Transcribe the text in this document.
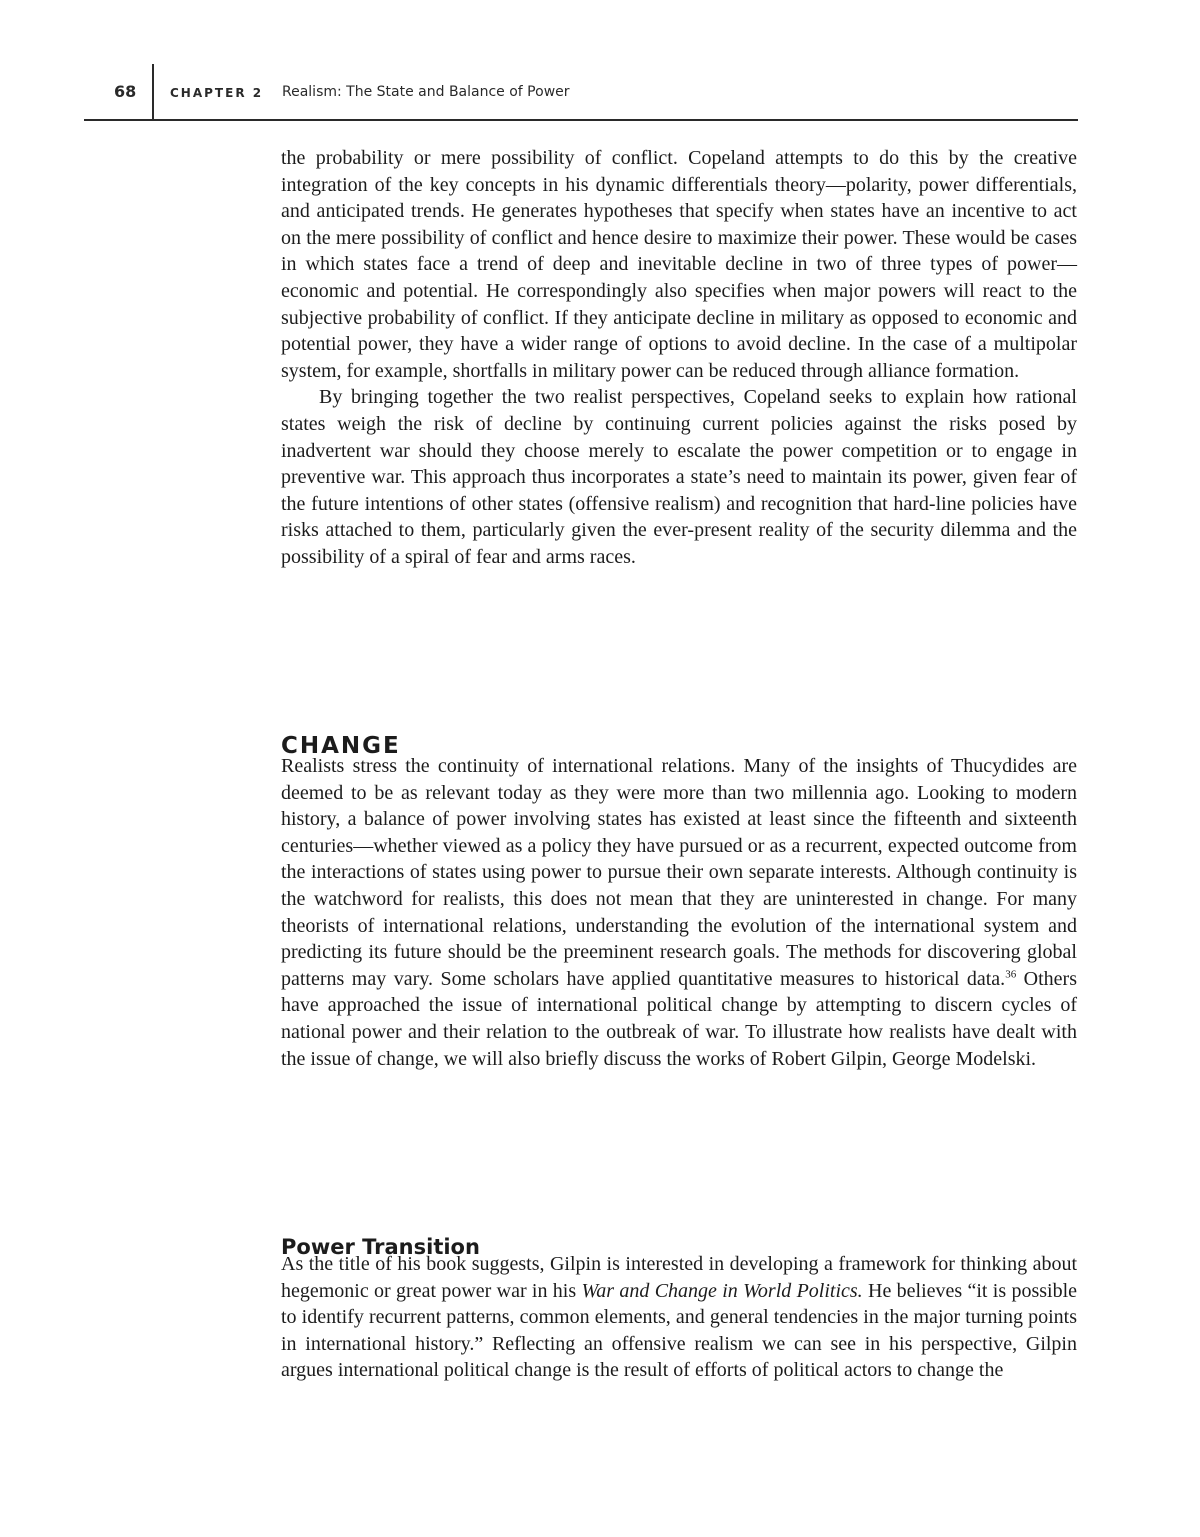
68	CHAPTER 2 Realism: The State and Balance of Power

the probability or mere possibility of conflict. Copeland attempts to do this by the creative integration of the key concepts in his dynamic differentials theory—polarity, power differentials, and anticipated trends. He generates hypotheses that specify when states have an incentive to act on the mere possibility of conflict and hence desire to maximize their power. These would be cases in which states face a trend of deep and inevitable decline in two of three types of power—economic and potential. He correspondingly also specifies when major powers will react to the subjective probability of conflict. If they anticipate decline in military as opposed to economic and potential power, they have a wider range of options to avoid decline. In the case of a multipolar system, for example, shortfalls in military power can be reduced through alliance formation.

By bringing together the two realist perspectives, Copeland seeks to explain how rational states weigh the risk of decline by continuing current policies against the risks posed by inadvertent war should they choose merely to escalate the power competition or to engage in preventive war. This approach thus incorporates a state’s need to maintain its power, given fear of the future intentions of other states (offensive realism) and recognition that hard-line policies have risks attached to them, particularly given the ever-present reality of the security dilemma and the possibility of a spiral of fear and arms races.

CHANGE

Realists stress the continuity of international relations. Many of the insights of Thucydides are deemed to be as relevant today as they were more than two millennia ago. Looking to modern history, a balance of power involving states has existed at least since the fifteenth and sixteenth centuries—whether viewed as a policy they have pursued or as a recurrent, expected outcome from the interactions of states using power to pursue their own separate interests. Although continuity is the watchword for realists, this does not mean that they are uninterested in change. For many theorists of international relations, understanding the evolution of the international system and predicting its future should be the preeminent research goals. The methods for discovering global patterns may vary. Some scholars have applied quantitative measures to historical data.$^{36}$ Others have approached the issue of international political change by attempting to discern cycles of national power and their relation to the outbreak of war. To illustrate how realists have dealt with the issue of change, we will also briefly discuss the works of Robert Gilpin, George Modelski.

Power Transition

As the title of his book suggests, Gilpin is interested in developing a framework for thinking about hegemonic or great power war in his War and Change in World Politics. He believes “it is possible to identify recurrent patterns, common elements, and general tendencies in the major turning points in international history.” Reflecting an offensive realism we can see in his perspective, Gilpin argues international political change is the result of efforts of political actors to change the
